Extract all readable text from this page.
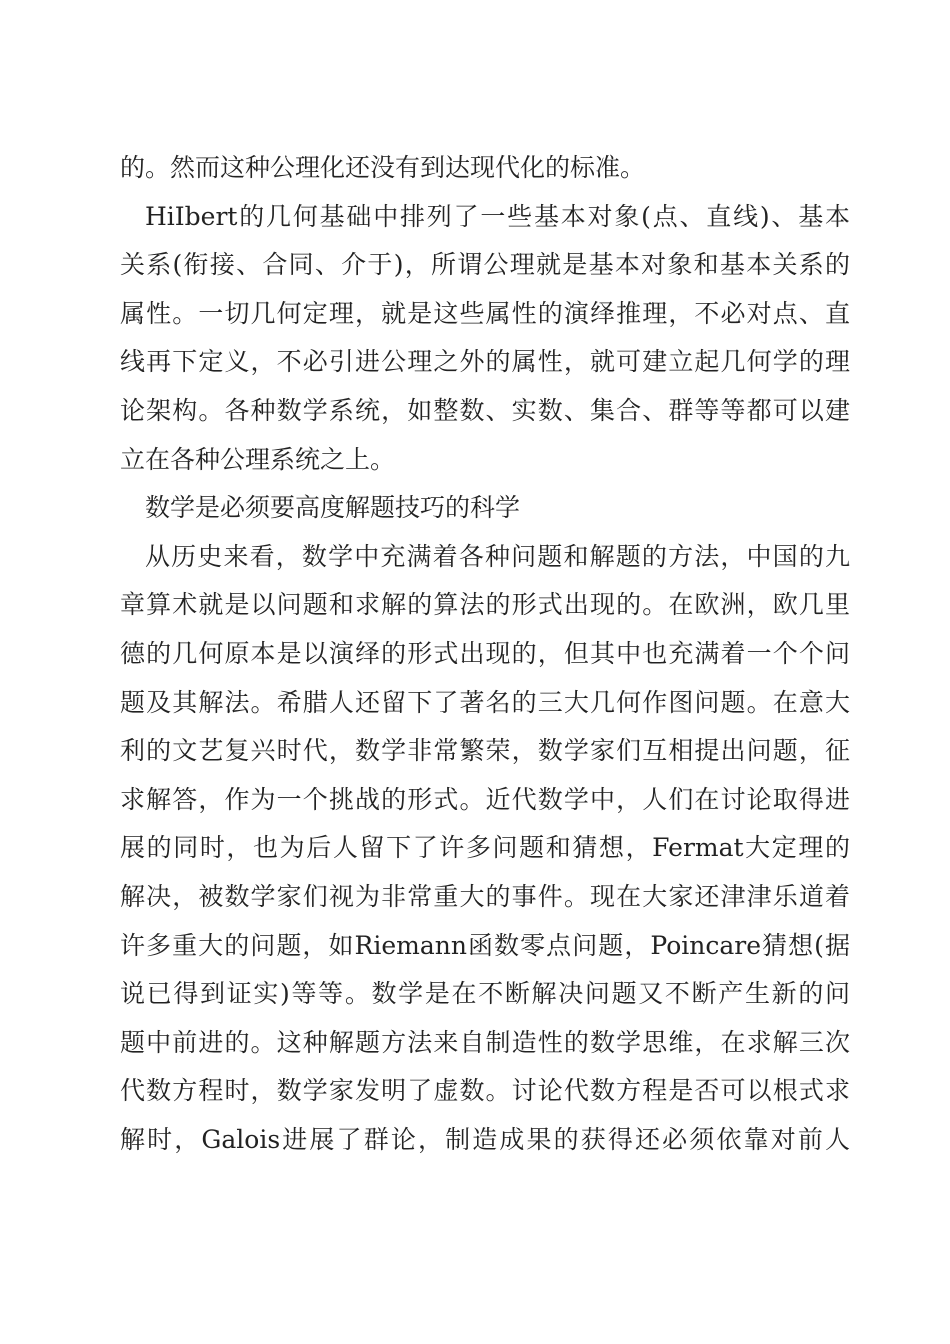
的。然而这种公理化还没有到达现代化的标准。
HiIbert的几何基础中排列了一些基本对象(点、直线)、基本
关系(衔接、合同、介于)，所谓公理就是基本对象和基本关系的
属性。一切几何定理，就是这些属性的演绎推理，不必对点、直
线再下定义，不必引进公理之外的属性，就可建立起几何学的理
论架构。各种数学系统，如整数、实数、集合、群等等都可以建
立在各种公理系统之上。
数学是必须要高度解题技巧的科学
从历史来看，数学中充满着各种问题和解题的方法，中国的九
章算术就是以问题和求解的算法的形式出现的。在欧洲，欧几里
德的几何原本是以演绎的形式出现的，但其中也充满着一个个问
题及其解法。希腊人还留下了著名的三大几何作图问题。在意大
利的文艺复兴时代，数学非常繁荣，数学家们互相提出问题，征
求解答，作为一个挑战的形式。近代数学中，人们在讨论取得进
展的同时，也为后人留下了许多问题和猜想，Fermat大定理的
解决，被数学家们视为非常重大的事件。现在大家还津津乐道着
许多重大的问题，如Riemann函数零点问题，Poincare猜想(据
说已得到证实)等等。数学是在不断解决问题又不断产生新的问
题中前进的。这种解题方法来自制造性的数学思维，在求解三次
代数方程时，数学家发明了虚数。讨论代数方程是否可以根式求
解时，Galois进展了群论，制造成果的获得还必须依靠对前人
